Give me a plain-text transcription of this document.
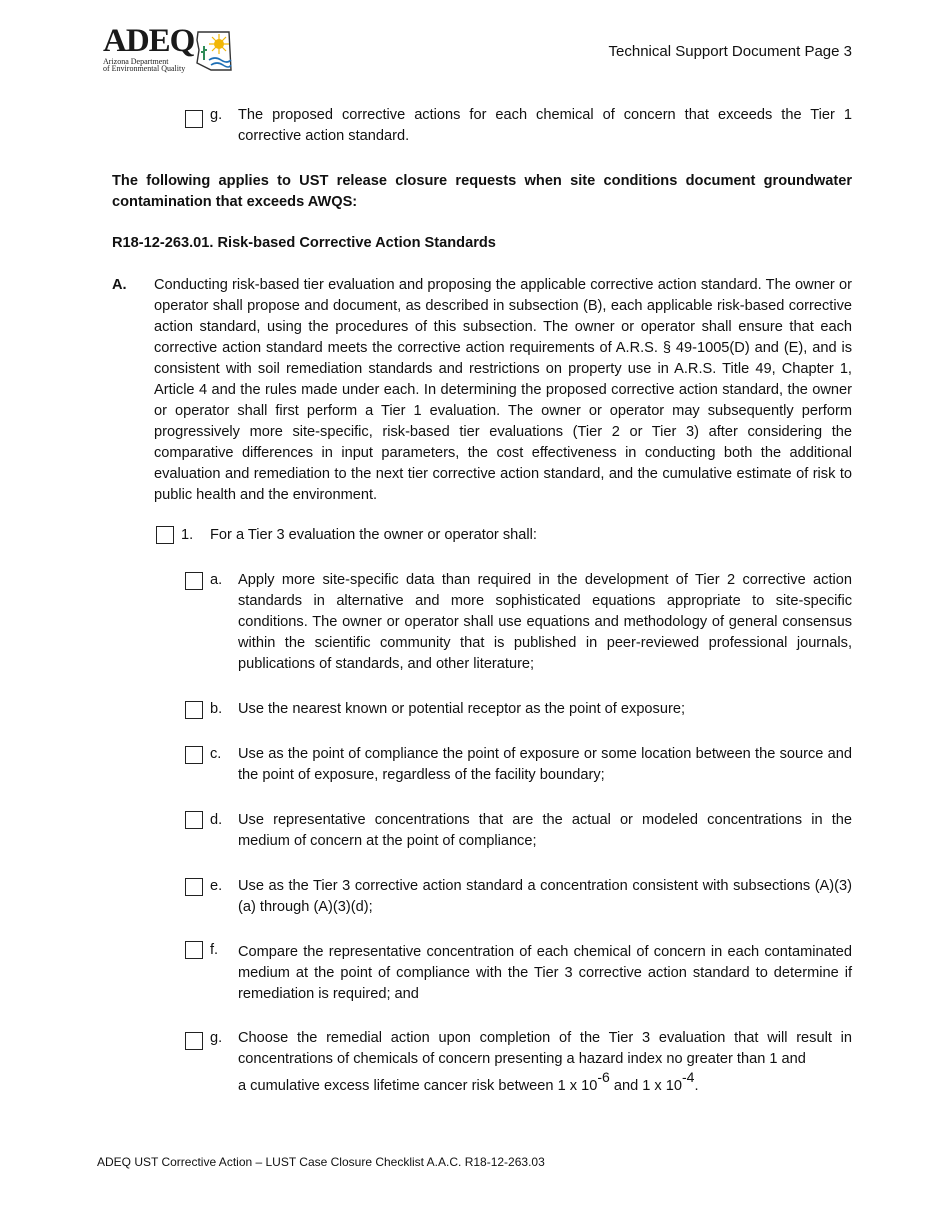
ADEQ
Arizona Department
of Environmental Quality
Technical Support Document Page 3
g. The proposed corrective actions for each chemical of concern that exceeds the Tier 1 corrective action standard.
The following applies to UST release closure requests when site conditions document groundwater contamination that exceeds AWQS:
R18-12-263.01. Risk-based Corrective Action Standards
A. Conducting risk-based tier evaluation and proposing the applicable corrective action standard. The owner or operator shall propose and document, as described in subsection (B), each applicable risk-based corrective action standard, using the procedures of this subsection. The owner or operator shall ensure that each corrective action standard meets the corrective action requirements of A.R.S. § 49-1005(D) and (E), and is consistent with soil remediation standards and restrictions on property use in A.R.S. Title 49, Chapter 1, Article 4 and the rules made under each. In determining the proposed corrective action standard, the owner or operator shall first perform a Tier 1 evaluation. The owner or operator may subsequently perform progressively more site-specific, risk-based tier evaluations (Tier 2 or Tier 3) after considering the comparative differences in input parameters, the cost effectiveness in conducting both the additional evaluation and remediation to the next tier corrective action standard, and the cumulative estimate of risk to public health and the environment.
1. For a Tier 3 evaluation the owner or operator shall:
a. Apply more site-specific data than required in the development of Tier 2 corrective action standards in alternative and more sophisticated equations appropriate to site-specific conditions. The owner or operator shall use equations and methodology of general consensus within the scientific community that is published in peer-reviewed professional journals, publications of standards, and other literature;
b. Use the nearest known or potential receptor as the point of exposure;
c. Use as the point of compliance the point of exposure or some location between the source and the point of exposure, regardless of the facility boundary;
d. Use representative concentrations that are the actual or modeled concentrations in the medium of concern at the point of compliance;
e. Use as the Tier 3 corrective action standard a concentration consistent with subsections (A)(3)(a) through (A)(3)(d);
f. Compare the representative concentration of each chemical of concern in each contaminated medium at the point of compliance with the Tier 3 corrective action standard to determine if remediation is required; and
g. Choose the remedial action upon completion of the Tier 3 evaluation that will result in concentrations of chemicals of concern presenting a hazard index no greater than 1 and
a cumulative excess lifetime cancer risk between 1 x $10^{-6}$ and 1 x $10^{-4}$.
ADEQ UST Corrective Action – LUST Case Closure Checklist A.A.C. R18-12-263.03
